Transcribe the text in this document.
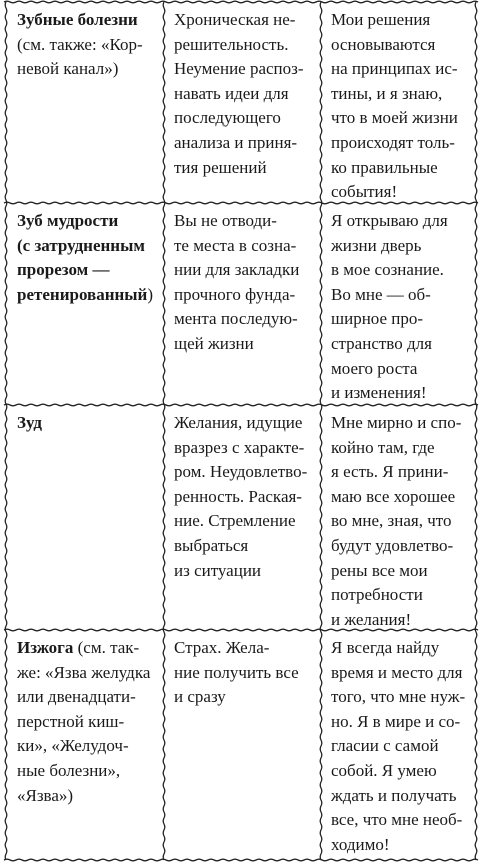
Зубные болезни
(см. также: «Кор-
невой канал»)
Хроническая не-
решительность.
Неумение распоз-
навать идеи для
последующего
анализа и приня-
тия решений
Мои решения
основываются
на принципах ис-
тины, и я знаю,
что в моей жизни
происходят толь-
ко правильные
события!
Зуб мудрости
(с затрудненным
прорезом —
ретенированный)
Вы не отводи-
те места в созна-
нии для закладки
прочного фунда-
мента последую-
щей жизни
Я открываю для
жизни дверь
в мое сознание.
Во мне — об-
ширное про-
странство для
моего роста
и изменения!
Зуд	Желания, идущие
вразрез с характе-
ром. Неудовлетво-
ренность. Раская-
ние. Стремление
выбраться
из ситуации
Мне мирно и спо-
койно там, где
я есть. Я прини-
маю все хорошее
во мне, зная, что
будут удовлетво-
рены все мои
потребности
и желания!
Изжога (см. так-
же: «Язва желудка
или двенадцати-
перстной киш-
ки», «Желудоч-
ные болезни»,
«Язва»)
Страх. Жела-
ние получить все
и сразу
Я всегда найду
время и место для
того, что мне нуж-
но. Я в мире и со-
гласии с самой
собой. Я умею
ждать и получать
все, что мне необ-
ходимо!
